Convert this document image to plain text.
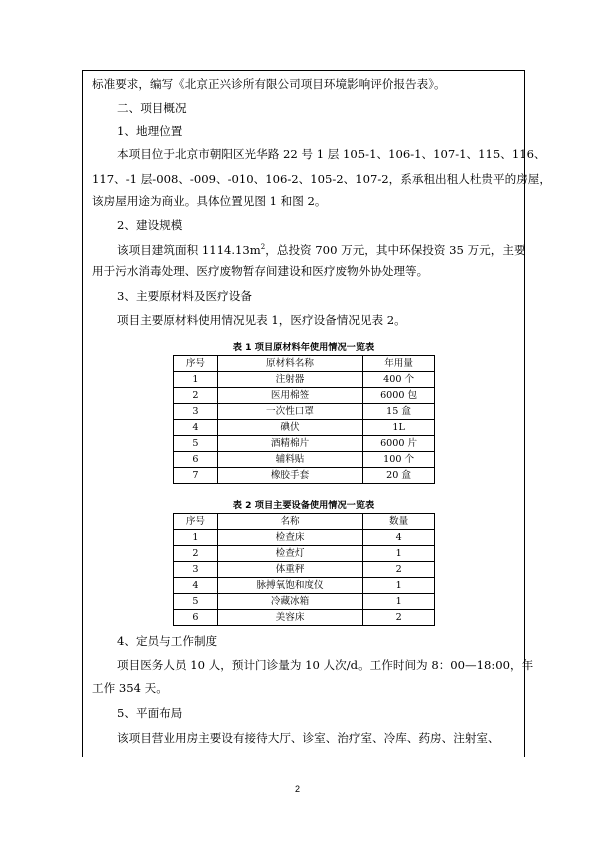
标准要求，编写《北京正兴诊所有限公司项目环境影响评价报告表》。
二、项目概况
1、地理位置
本项目位于北京市朝阳区光华路 22 号 1 层 105-1、106-1、107-1、115、116、
117、-1 层-008、-009、-010、106-2、105-2、107-2，系承租出租人杜贵平的房屋，
该房屋用途为商业。具体位置见图 1 和图 2。
2、建设规模
该项目建筑面积 $1114.13m^2$，总投资 700 万元，其中环保投资 35 万元，主要
用于污水消毒处理、医疗废物暂存间建设和医疗废物外协处理等。
3、主要原材料及医疗设备
项目主要原材料使用情况见表 1，医疗设备情况见表 2。
表 1 项目原材料年使用情况一览表
序号	原材料名称	年用量
1	注射器	400 个
2	医用棉签	6000 包
3	一次性口罩	15 盒
4	碘伏	1L
5	酒精棉片	6000 片
6	辅料贴	100 个
7	橡胶手套	20 盒
表 2 项目主要设备使用情况一览表
序号	名称	数量
1	检查床	4
2	检查灯	1
3	体重秤	2
4	脉搏氧饱和度仪	1
5	冷藏冰箱	1
6	美容床	2
4、定员与工作制度
项目医务人员 10 人，预计门诊量为 10 人次/d。工作时间为 8：00—18:00，年
工作 354 天。
5、平面布局
该项目营业用房主要设有接待大厅、诊室、治疗室、冷库、药房、注射室、
2
